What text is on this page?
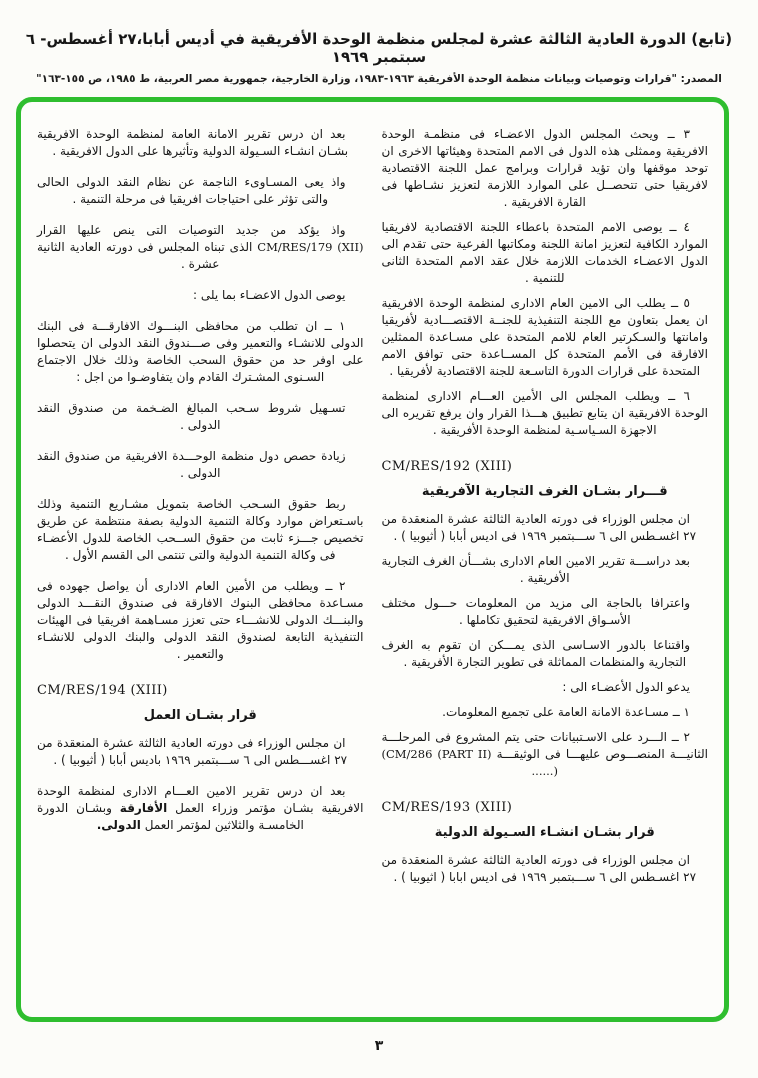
(تابع) الدورة العادية الثالثة عشرة لمجلس منظمة الوحدة الأفريقية في أديس أبابا،٢٧ أغسطس- ٦ سبتمبر ١٩٦٩
المصدر: "قرارات وتوصيات وبيانات منظمة الوحدة الأفريقية ١٩٦٣-١٩٨٣، وزارة الخارجية، جمهورية مصر العربية، ط ١٩٨٥، ص ١٥٥-١٦٣"

٣ ــ ويحث المجلس الدول الاعضـاء فى منظمـة الوحدة الافريقية وممثلى هذه الدول فى الامم المتحدة وهيئاتها الاخرى ان توحد موقفها وان تؤيد قرارات وبرامج عمل اللجنة الاقتصادية لافريقيا حتى تتحصــل على الموارد اللازمة لتعزيز نشـاطها فى القارة الافريقية .

٤ ــ يوصى الامم المتحدة باعطاء اللجنة الاقتصادية لافريقيا الموارد الكافية لتعزيز امانة اللجنة ومكاتبها الفرعية حتى تقدم الى الدول الاعضـاء الخدمات اللازمة خلال عقد الامم المتحدة الثانى للتنمية .

٥ ــ يطلب الى الامين العام الادارى لمنظمة الوحدة الافريقية ان يعمل بتعاون مع اللجنة التنفيذية للجنــة الاقتصـــادية لأفريقيا وامانتها والسـكرتير العام للامم المتحدة على مسـاعدة الممثلين الافارقة فى الأمم المتحدة كل المســاعدة حتى توافق الامم المتحدة على قرارات الدورة التاسـعة للجنة الاقتصادية لأفريقيا .

٦ ــ ويطلب المجلس الى الأمين العـــام الادارى لمنظمة الوحدة الافريقية ان يتابع تطبيق هـــذا القرار وان يرفع تقريره الى الاجهزة السـياسـية لمنظمة الوحدة الأفريقية .

CM/RES/192 (XIII)
قـــرار بشـان الغرف التجارية الآفريقية

ان مجلس الوزراء فى دورته العادية الثالثة عشرة المنعقدة من ٢٧ اغسـطس الى ٦ ســـبتمبر ١٩٦٩ فى اديس أبابا ( أثيوبيا ) .

بعد دراســـة تقرير الامين العام الادارى بشـــأن الغرف التجارية الأفريقية .

واعترافا بالحاجة الى مزيد من المعلومات حـــول مختلف الأسـواق الافريقية لتحقيق تكاملها .

واقتناعا بالدور الاسـاسى الذى يمـــكن ان تقوم به الغرف التجارية والمنظمات المماثلة فى تطوير التجارة الأفريقية .

يدعو الدول الأعضـاء الى :

١ ــ مسـاعدة الامانة العامة على تجميع المعلومات.

٢ ــ الـــرد على الاسـتبيانات حتى يتم المشروع فى المرحلـــة الثانيـــة المنصـــوص عليهـــا فى الوثيقـــة (CM/286 (PART II) ......)

CM/RES/193 (XIII)
قرار بشـان انشـاء السـيولة الدولية

ان مجلس الوزراء فى دورته العادية الثالثة عشرة المنعقدة من ٢٧ اغسـطس الى ٦ ســـبتمبر ١٩٦٩ فى اديس ابابا ( اثيوبيا ) .

بعد ان درس تقرير الامانة العامة لمنظمة الوحدة الافريقية بشـان انشـاء السـيولة الدولية وتأثيرها على الدول الافريقية .

واذ يعى المسـاوىء الناجمة عن نظام النقد الدولى الحالى والتى تؤثر على احتياجات افريقيا فى مرحلة التنمية .

واذ يؤكد من جديد التوصيات التى ينص عليها القرار CM/RES/179 (XII) الذى تبناه المجلس فى دورته العادية الثانية عشرة .

يوصى الدول الاعضـاء بما يلى :

١ ــ ان تطلب من محافظى البنـــوك الافارقـــة فى البنك الدولى للانشـاء والتعمير وفى صـــندوق النقد الدولى ان يتحصلوا على اوفر حد من حقوق السحب الخاصة وذلك خلال الاجتماع السـنوى المشـترك القادم وان يتفاوضـوا من اجل :

تسـهيل شروط سـحب المبالغ الضـخمة من صندوق النقد الدولى .

زيادة حصص دول منظمة الوحـــدة الافريقية من صندوق النقد الدولى .

ربط حقوق السـحب الخاصة بتمويل مشـاريع التنمية وذلك باسـتعراض موارد وكالة التنمية الدولية بصفة منتظمة عن طريق تخصيص جـــزء ثابت من حقوق الســحب الخاصة للدول الأعضـاء فى وكالة التنمية الدولية والتى تنتمى الى القسم الأول .

٢ ــ ويطلب من الأمين العام الادارى أن يواصل جهوده فى مسـاعدة محافظى البنوك الافارقة فى صندوق النقـــد الدولى والبنـــك الدولى للانشـــاء حتى تعزز مسـاهمة افريقيا فى الهيئات التنفيذية التابعة لصندوق النقد الدولى والبنك الدولى للانشـاء والتعمير .

CM/RES/194 (XIII)
قرار بشـان العمل

ان مجلس الوزراء فى دورته العادية الثالثة عشرة المنعقدة من ٢٧ اغســـطس الى ٦ ســـبتمبر ١٩٦٩ باديس أبابا ( أثيوبيا ) .

بعد ان درس تقرير الامين العـــام الادارى لمنظمة الوحدة الافريقية بشـان مؤتمر وزراء العمل الأفارقة وبشـان الدورة الخامسـة والثلاثين لمؤتمر العمل الدولى.

٣
